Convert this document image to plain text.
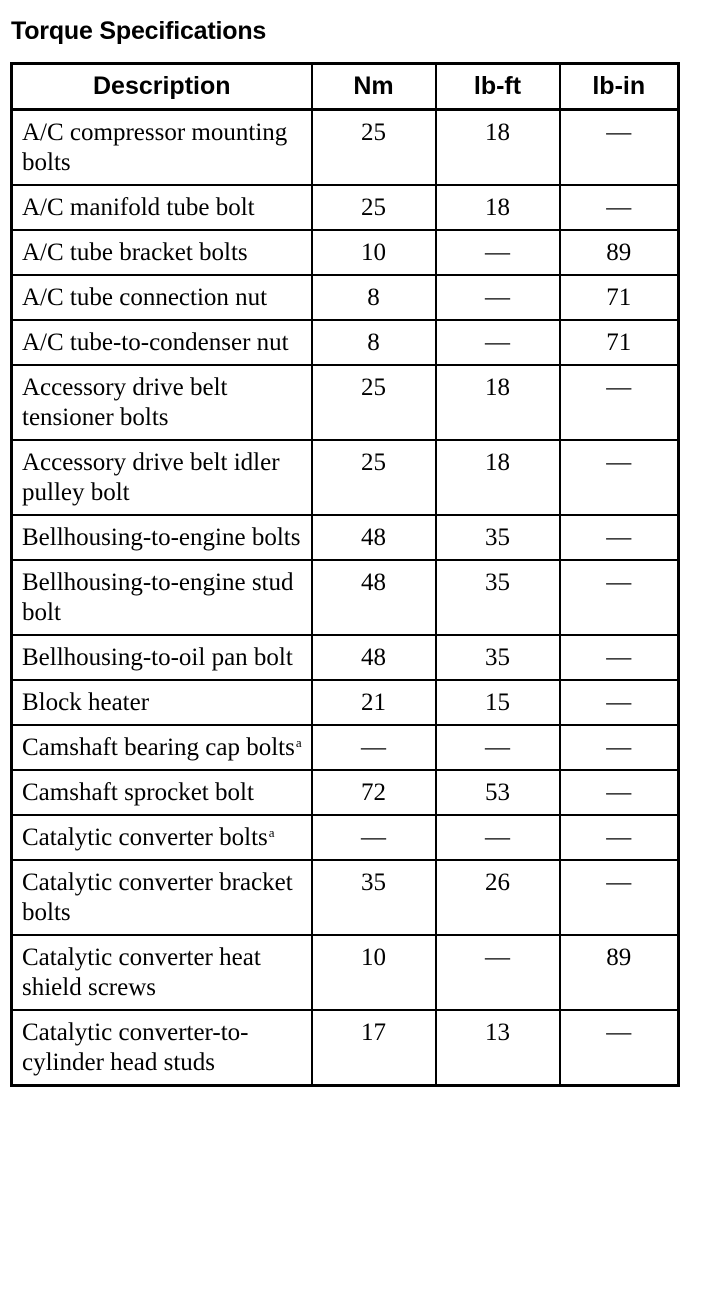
Torque Specifications
Description	Nm	lb-ft	lb-in
A/C compressor mounting bolts	25	18	—
A/C manifold tube bolt	25	18	—
A/C tube bracket bolts	10	—	89
A/C tube connection nut	8	—	71
A/C tube-to-condenser nut	8	—	71
Accessory drive belt tensioner bolts	25	18	—
Accessory drive belt idler pulley bolt	25	18	—
Bellhousing-to-engine bolts	48	35	—
Bellhousing-to-engine stud bolt	48	35	—
Bellhousing-to-oil pan bolt	48	35	—
Block heater	21	15	—
Camshaft bearing cap bolts$^a$	—	—	—
Camshaft sprocket bolt	72	53	—
Catalytic converter bolts$^a$	—	—	—
Catalytic converter bracket bolts	35	26	—
Catalytic converter heat shield screws	10	—	89
Catalytic converter-to-cylinder head studs	17	13	—
